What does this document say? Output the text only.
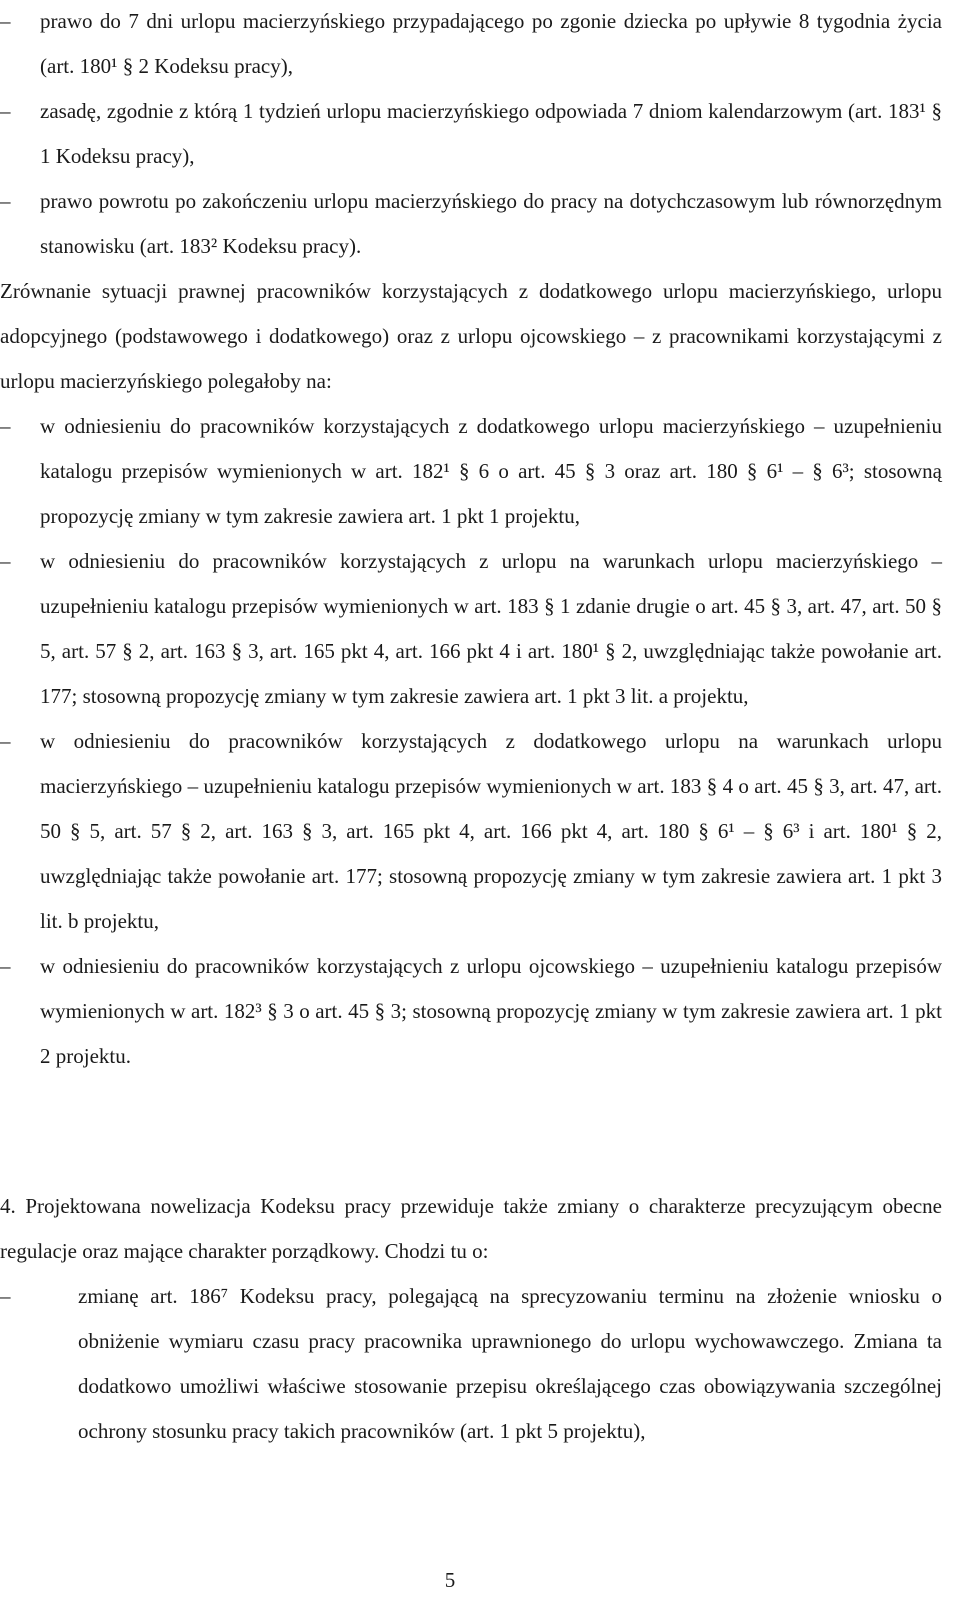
–	prawo do 7 dni urlopu macierzyńskiego przypadającego po zgonie dziecka po upływie 8 tygodnia życia (art. 180¹ § 2 Kodeksu pracy),

–	zasadę, zgodnie z którą 1 tydzień urlopu macierzyńskiego odpowiada 7 dniom kalendarzowym (art. 183¹ § 1 Kodeksu pracy),

–	prawo powrotu po zakończeniu urlopu macierzyńskiego do pracy na dotychczasowym lub równorzędnym stanowisku (art. 183² Kodeksu pracy).

Zrównanie sytuacji prawnej pracowników korzystających z dodatkowego urlopu macierzyńskiego, urlopu adopcyjnego (podstawowego i dodatkowego) oraz z urlopu ojcowskiego – z pracownikami korzystającymi z urlopu macierzyńskiego polegałoby na:

–	w odniesieniu do pracowników korzystających z dodatkowego urlopu macierzyńskiego – uzupełnieniu katalogu przepisów wymienionych w art. 182¹ § 6 o art. 45 § 3 oraz art. 180 § 6¹ – § 6³; stosowną propozycję zmiany w tym zakresie zawiera art. 1 pkt 1 projektu,

–	w odniesieniu do pracowników korzystających z urlopu na warunkach urlopu macierzyńskiego – uzupełnieniu katalogu przepisów wymienionych w art. 183 § 1 zdanie drugie o art. 45 § 3, art. 47, art. 50 § 5, art. 57 § 2, art. 163 § 3, art. 165 pkt 4, art. 166 pkt 4 i art. 180¹ § 2, uwzględniając także powołanie art. 177; stosowną propozycję zmiany w tym zakresie zawiera art. 1 pkt 3 lit. a projektu,

–	w odniesieniu do pracowników korzystających z dodatkowego urlopu na warunkach urlopu macierzyńskiego – uzupełnieniu katalogu przepisów wymienionych w art. 183 § 4 o art. 45 § 3, art. 47, art. 50 § 5, art. 57 § 2, art. 163 § 3, art. 165 pkt 4, art. 166 pkt 4, art. 180 § 6¹ – § 6³ i art. 180¹ § 2, uwzględniając także powołanie art. 177; stosowną propozycję zmiany w tym zakresie zawiera art. 1 pkt 3 lit. b projektu,

–	w odniesieniu do pracowników korzystających z urlopu ojcowskiego – uzupełnieniu katalogu przepisów wymienionych w art. 182³ § 3 o art. 45 § 3; stosowną propozycję zmiany w tym zakresie zawiera art. 1 pkt 2 projektu.

4. Projektowana nowelizacja Kodeksu pracy przewiduje także zmiany o charakterze precyzującym obecne regulacje oraz mające charakter porządkowy. Chodzi tu o:

–	zmianę art. 186⁷ Kodeksu pracy, polegającą na sprecyzowaniu terminu na złożenie wniosku o obniżenie wymiaru czasu pracy pracownika uprawnionego do urlopu wychowawczego. Zmiana ta dodatkowo umożliwi właściwe stosowanie przepisu określającego czas obowiązywania szczególnej ochrony stosunku pracy takich pracowników (art. 1 pkt 5 projektu),

5
